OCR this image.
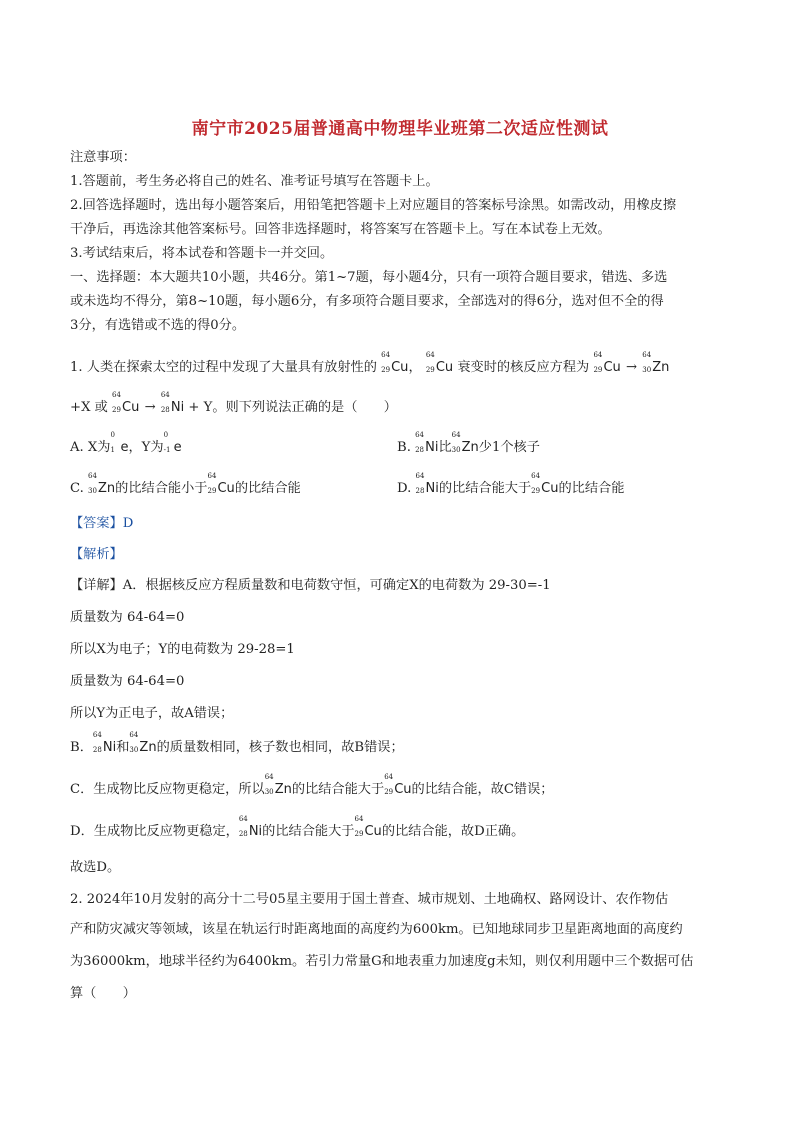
南宁市2025届普通高中物理毕业班第二次适应性测试
注意事项：
1.答题前，考生务必将自己的姓名、准考证号填写在答题卡上。
2.回答选择题时，选出每小题答案后，用铅笔把答题卡上对应题目的答案标号涂黑。如需改动，用橡皮擦
干净后，再选涂其他答案标号。回答非选择题时，将答案写在答题卡上。写在本试卷上无效。
3.考试结束后，将本试卷和答题卡一并交回。
一、选择题：本大题共10小题，共46分。第1~7题，每小题4分，只有一项符合题目要求，错选、多选
或未选均不得分，第8~10题，每小题6分，有多项符合题目要求，全部选对的得6分，选对但不全的得
3分，有选错或不选的得0分。
1. 人类在探索太空的过程中发现了大量具有放射性的
64
29 Cu，
64
29 Cu 衰变时的核反应方程为
64
29 Cu →
64
30 Zn
+X 或
64
29 Cu →
64
28 Ni + Y。则下列说法正确的是（　　）
A. X为
0
1 e，Y为
0
-1 e	B.
64
28 Ni比
64
30 Zn少1个核子
C.
64
30 Zn的比结合能小于
64
29 Cu的比结合能	D.
64
28 Ni的比结合能大于
64
29 Cu的比结合能
【答案】D
【解析】
【详解】A．根据核反应方程质量数和电荷数守恒，可确定X的电荷数为 29-30=-1
质量数为 64-64=0
所以X为电子；Y的电荷数为 29-28=1
质量数为 64-64=0
所以Y为正电子，故A错误；
B．
64
28 Ni和
64
30 Zn的质量数相同，核子数也相同，故B错误；
C．生成物比反应物更稳定，所以
64
30 Zn的比结合能大于
64
29 Cu的比结合能，故C错误；
D．生成物比反应物更稳定，
64
28 Ni的比结合能大于
64
29 Cu的比结合能，故D正确。
故选D。
2. 2024年10月发射的高分十二号05星主要用于国土普查、城市规划、土地确权、路网设计、农作物估
产和防灾减灾等领域，该星在轨运行时距离地面的高度约为600km。已知地球同步卫星距离地面的高度约
为36000km，地球半径约为6400km。若引力常量G和地表重力加速度g未知，则仅利用题中三个数据可估
算（　　）
